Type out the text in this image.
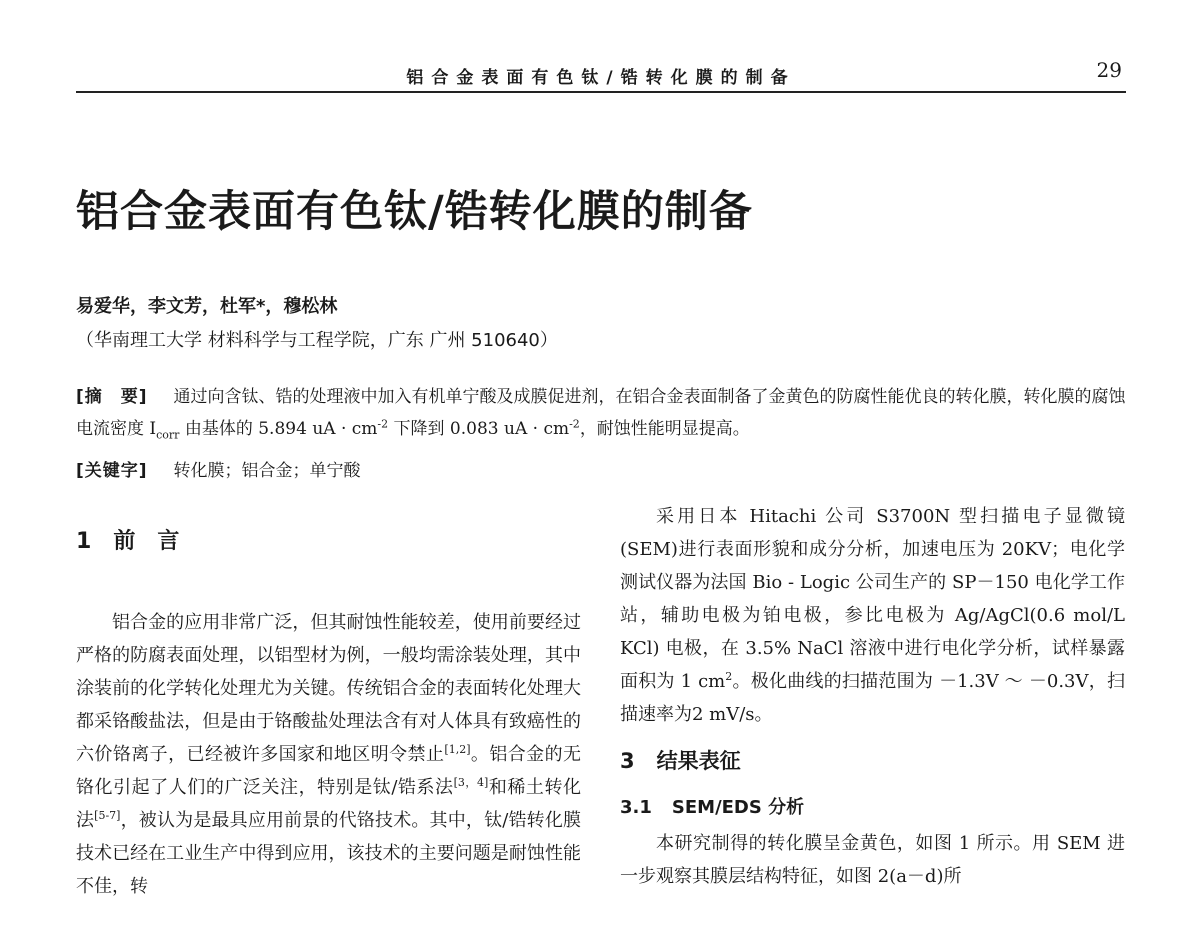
铝合金表面有色钛/锆转化膜的制备	29
铝合金表面有色钛/锆转化膜的制备
易爱华，李文芳，杜军*，穆松林
（华南理工大学 材料科学与工程学院，广东 广州 510640）
[摘　要] 通过向含钛、锆的处理液中加入有机单宁酸及成膜促进剂，在铝合金表面制备了金黄色的防腐性能优良的转化膜，转化膜的腐蚀电流密度 $I_{corr}$ 由基体的 5.894 uA · $cm^{-2}$ 下降到 0.083 uA · $cm^{-2}$，耐蚀性能明显提高。
[关键字] 转化膜；铝合金；单宁酸
1 前　言

铝合金的应用非常广泛，但其耐蚀性能较差，使用前要经过严格的防腐表面处理，以铝型材为例，一般均需涂装处理，其中涂装前的化学转化处理尤为关键。传统铝合金的表面转化处理大都采铬酸盐法，但是由于铬酸盐处理法含有对人体具有致癌性的六价铬离子，已经被许多国家和地区明令禁止[1,2]。铝合金的无铬化引起了人们的广泛关注，特别是钛/锆系法[3，4]和稀土转化法[5-7]，被认为是最具应用前景的代铬技术。其中，钛/锆转化膜技术已经在工业生产中得到应用，该技术的主要问题是耐蚀性能不佳，转

采用日本 Hitachi 公司 S3700N 型扫描电子显微镜(SEM)进行表面形貌和成分分析，加速电压为 20KV；电化学测试仪器为法国 Bio - Logic 公司生产的 SP－150 电化学工作站，辅助电极为铂电极，参比电极为 Ag/AgCl(0.6 mol/L KCl) 电极，在 3.5% NaCl 溶液中进行电化学分析，试样暴露面积为 1 $cm^2$。极化曲线的扫描范围为 －1.3V ～ －0.3V，扫描速率为2 mV/s。

3 结果表征
3.1 SEM/EDS 分析

本研究制得的转化膜呈金黄色，如图 1 所示。用 SEM 进一步观察其膜层结构特征，如图 2(a－d)所
